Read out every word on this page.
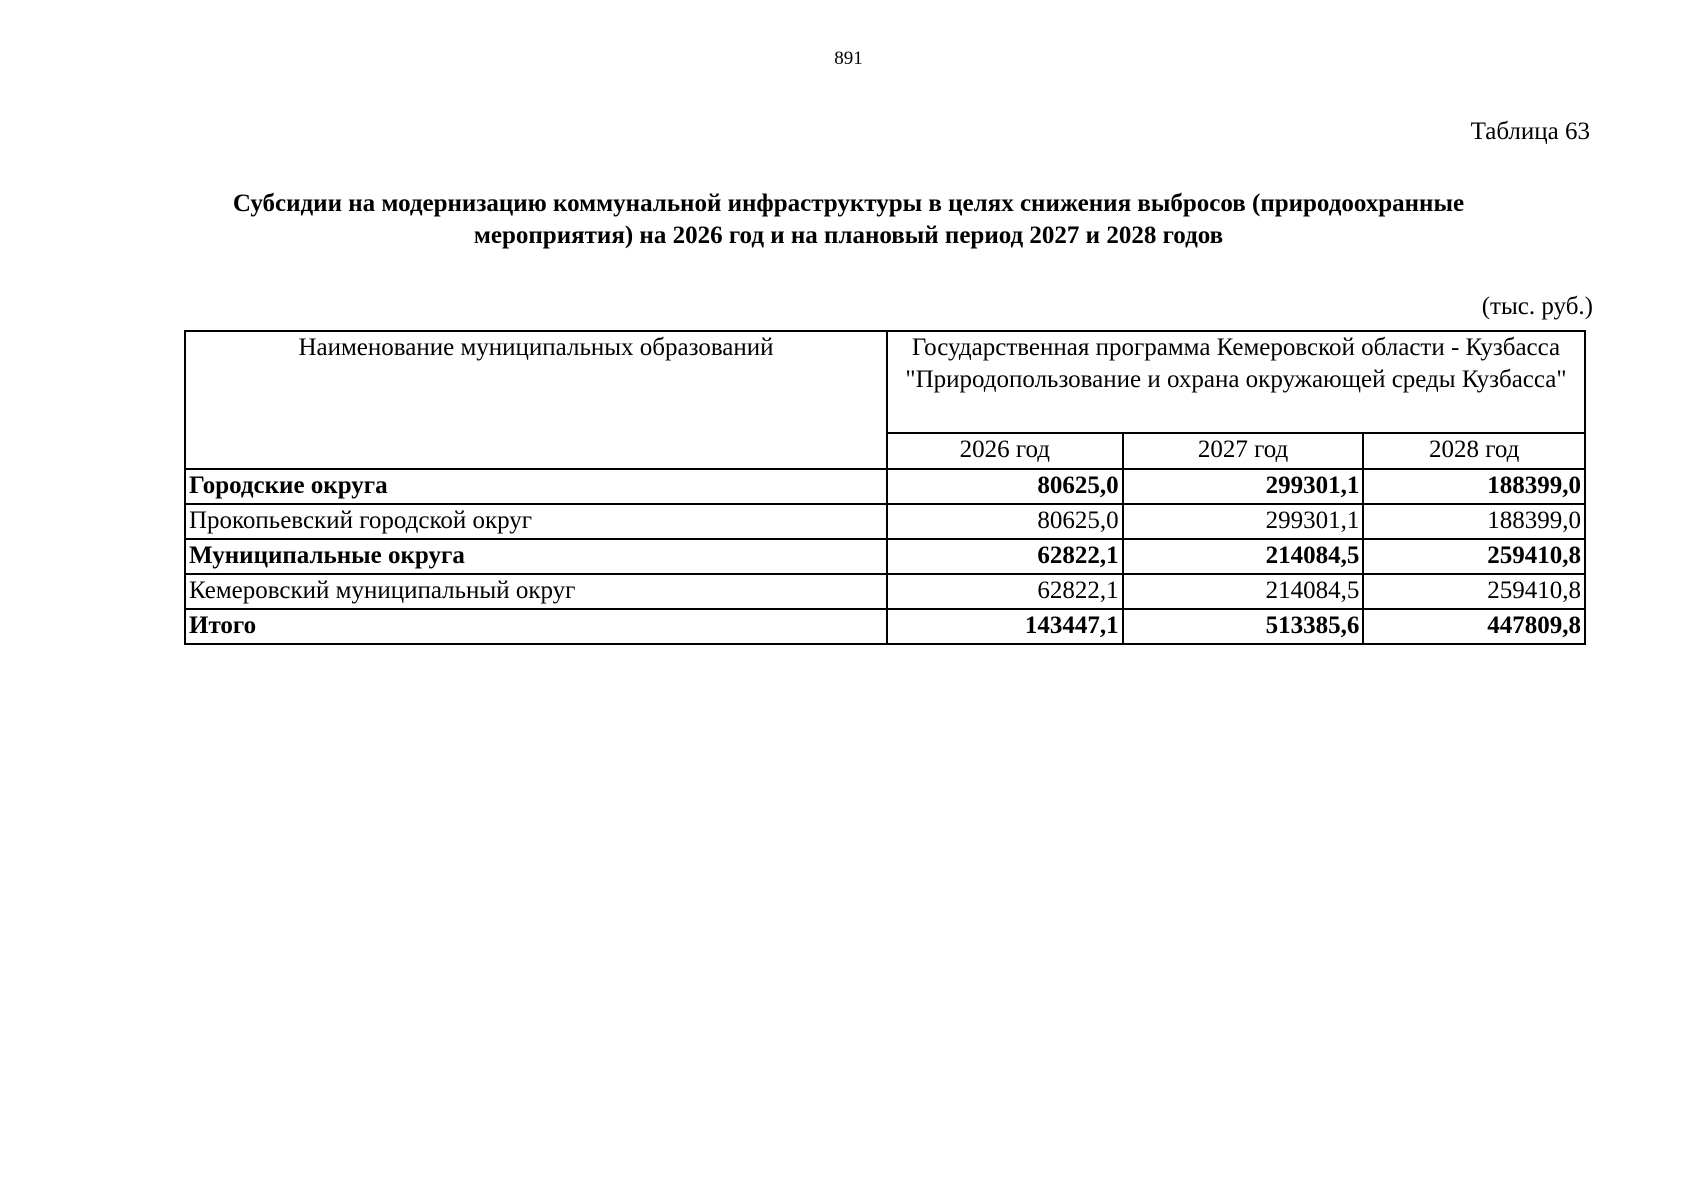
891
Таблица 63
Субсидии на модернизацию коммунальной инфраструктуры в целях снижения выбросов (природоохранные
мероприятия) на 2026 год и на плановый период 2027 и 2028 годов
(тыс. руб.)
Наименование муниципальных образований	Государственная программа Кемеровской области - Кузбасса "Природопользование и охрана окружающей среды Кузбасса"		
	2026 год	2027 год	2028 год
Городские округа	80625,0	299301,1	188399,0
Прокопьевский городской округ	80625,0	299301,1	188399,0
Муниципальные округа	62822,1	214084,5	259410,8
Кемеровский муниципальный округ	62822,1	214084,5	259410,8
Итого	143447,1	513385,6	447809,8
